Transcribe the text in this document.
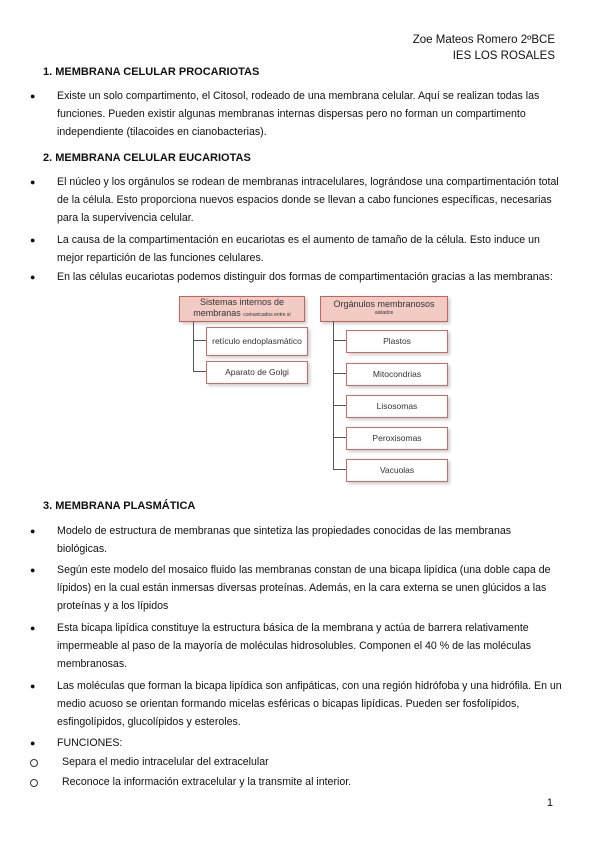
Zoe Mateos Romero 2ºBCE
IES LOS ROSALES
1. MEMBRANA CELULAR PROCARIOTAS
● Existe un solo compartimento, el Citosol, rodeado de una membrana celular. Aquí se realizan todas las
funciones. Pueden existir algunas membranas internas dispersas pero no forman un compartimento
independiente (tilacoides en cianobacterias).
2. MEMBRANA CELULAR EUCARIOTAS
● El núcleo y los orgánulos se rodean de membranas intracelulares, lográndose una compartimentación total
de la célula. Esto proporciona nuevos espacios donde se llevan a cabo funciones específicas, necesarias
para la supervivencia celular.
● La causa de la compartimentación en eucariotas es el aumento de tamaño de la célula. Esto induce un
mejor repartición de las funciones celulares.
● En las células eucariotas podemos distinguir dos formas de compartimentación gracias a las membranas:
Sistemas internos de
membranas comunicados entre sí
retículo endoplasmático
Aparato de Golgi
Orgánulos membranosos
aislados
Plastos
Mitocondrias
Lisosomas
Peroxisomas
Vacuolas
3. MEMBRANA PLASMÁTICA
● Modelo de estructura de membranas que sintetiza las propiedades conocidas de las membranas
biológicas.
● Según este modelo del mosaico fluido las membranas constan de una bicapa lipídica (una doble capa de
lípidos) en la cual están inmersas diversas proteínas. Además, en la cara externa se unen glúcidos a las
proteínas y a los lípidos
● Esta bicapa lipídica constituye la estructura básica de la membrana y actúa de barrera relativamente
impermeable al paso de la mayoría de moléculas hidrosolubles. Componen el 40 % de las moléculas
membranosas.
● Las moléculas que forman la bicapa lipídica son anfipáticas, con una región hidrófoba y una hidrófila. En un
medio acuoso se orientan formando micelas esféricas o bicapas lipídicas. Pueden ser fosfolípidos,
esfingolípidos, glucolípidos y esteroles.
● FUNCIONES:
Separa el medio intracelular del extracelular
Reconoce la información extracelular y la transmite al interior.
1
